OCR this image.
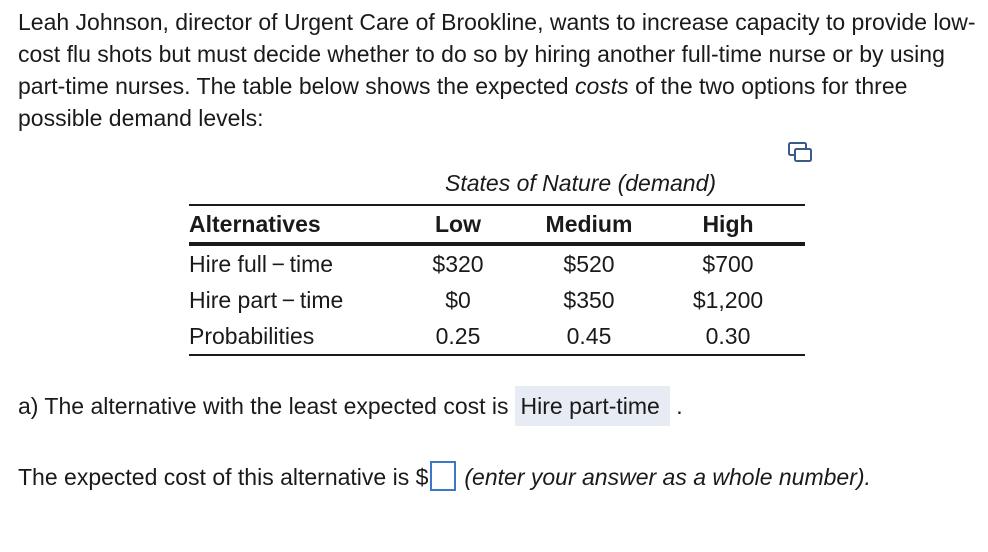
Leah Johnson, director of Urgent Care of Brookline, wants to increase capacity to provide low-cost flu shots but must decide whether to do so by hiring another full-time nurse or by using part-time nurses. The table below shows the expected costs of the two options for three possible demand levels:

States of Nature (demand)
Alternatives	Low	Medium	High
Hire full − time	$320	$520	$700
Hire part − time	$0	$350	$1,200
Probabilities	0.25	0.45	0.30
a) The alternative with the least expected cost is Hire part-time .
The expected cost of this alternative is $ (enter your answer as a whole number).
